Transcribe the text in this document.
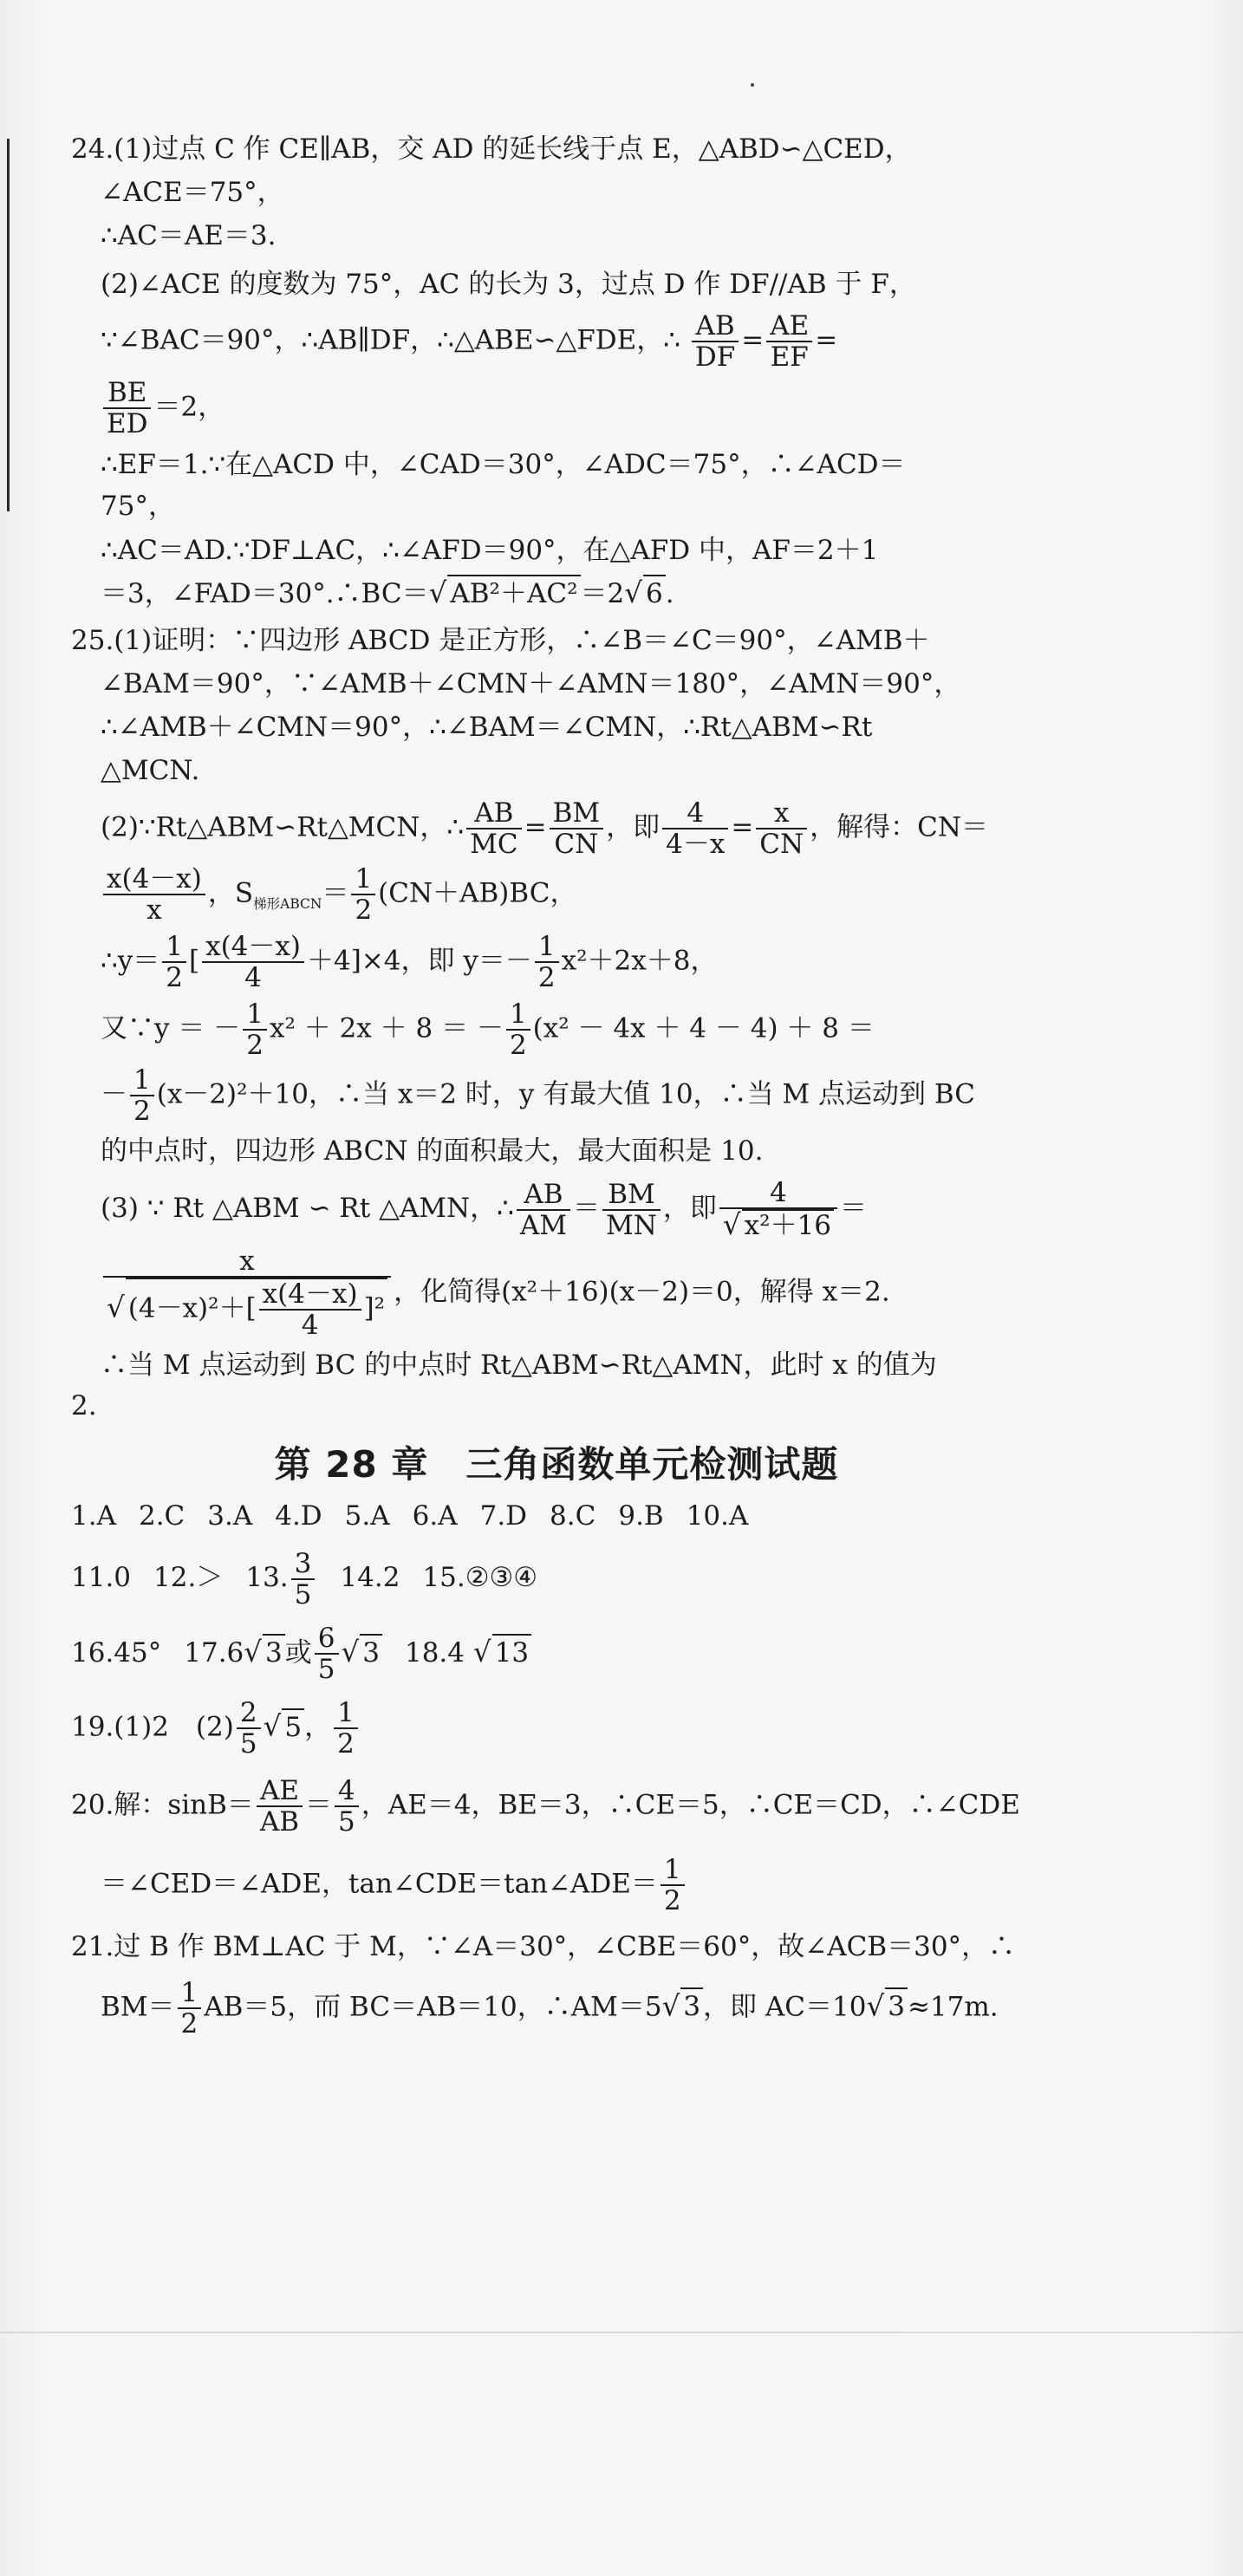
24.(1)过点 C 作 CE∥AB，交 AD 的延长线于点 E，△ABD∽△CED，
∠ACE＝75°，
∴AC＝AE＝3.
(2)∠ACE 的度数为 75°，AC 的长为 3，过点 D 作 DF//AB 于 F，
∵∠BAC＝90°，∴AB∥DF，∴△ABE∽△FDE，∴ $\frac{AB}{DF} = \frac{AE}{EF}$ =
$\frac{BE}{ED} =2$，
∴EF＝1.∵在△ACD 中，∠CAD＝30°，∠ADC＝75°，∴∠ACD＝
75°，
∴AC＝AD.∵DF⊥AC，∴∠AFD＝90°，在△AFD 中，AF＝2＋1
＝3，∠FAD＝30°.∴BC＝√ AB²＋AC²＝2√ 6.
25.(1)证明：∵四边形 ABCD 是正方形，∴∠B＝∠C＝90°，∠AMB＋
∠BAM＝90°，∵∠AMB＋∠CMN＋∠AMN＝180°，∠AMN＝90°，
∴∠AMB＋∠CMN＝90°，∴∠BAM＝∠CMN，∴Rt△ABM∽Rt
△MCN.
(2)∵Rt△ABM∽Rt△MCN，∴ $\frac{AB}{MC} = \frac{BM}{CN}$ ，即 $\frac{4}{4-x} = \frac{x}{CN}$ ，解得：CN＝
$\frac{x(4-x)}{x}$ ，$S_{梯形ABCN}= \frac{1}{2} (CN+AB)BC$，
∴y＝ $\frac{1}{2}$ [ $\frac{x(4-x)}{4} +4]\times 4$，即 $y=- \frac{1}{2} x^2+2x+8$，
又∵y ＝ － $\frac{1}{2} x^2 + 2x + 8$ ＝ － $\frac{1}{2} (x^2 - 4x + 4 - 4) + 8$ ＝
－ $\frac{1}{2} (x-2)^2+10$，∴当 x＝2 时，y 有最大值 10，∴当 M 点运动到 BC
的中点时，四边形 ABCN 的面积最大，最大面积是 10.
(3) ∵ Rt △ABM ∽ Rt △AMN，∴ $\frac{AB}{AM} = \frac{BM}{MN}$ ，即 $\frac{4}{\text{√ x²＋16}}$ ＝
$\frac{x}{√ (4-x)^2+[ \frac{x(4-x)}{4} ]^2}$ ，化简得(x²＋16)(x－2)＝0，解得 x＝2.
∴当 M 点运动到 BC 的中点时 Rt△ABM∽Rt△AMN，此时 x 的值为
2.
第 28 章　三角函数单元检测试题
1.A 2.C 3.A 4.D 5.A 6.A 7.D 8.C 9.B 10.A
11.0 12.＞ 13. $\frac{3}{5} 14.2$ 15.②③④
16.45° 17.6√ 3或 $\frac{6}{5}$ √ 3 18.4 √ 13
19.(1)2　$(2) \frac{2}{5}$ √ 5， $\frac{1}{2}$
20.解：$\sin B= \frac{AE}{AB} = \frac{4}{5}$ ，AE＝4，BE＝3，∴CE＝5，∴CE＝CD，∴∠CDE
＝∠CED＝∠ADE，tan∠CDE＝tan∠ADE＝ $\frac{1}{2}$
21.过 B 作 BM⊥AC 于 M，∵∠A＝30°，∠CBE＝60°，故∠ACB＝30°，∴
$BM= \frac{1}{2} AB=5$，而 BC＝AB＝10，∴AM＝5√ 3，即 AC＝10√ 3≈17m.
